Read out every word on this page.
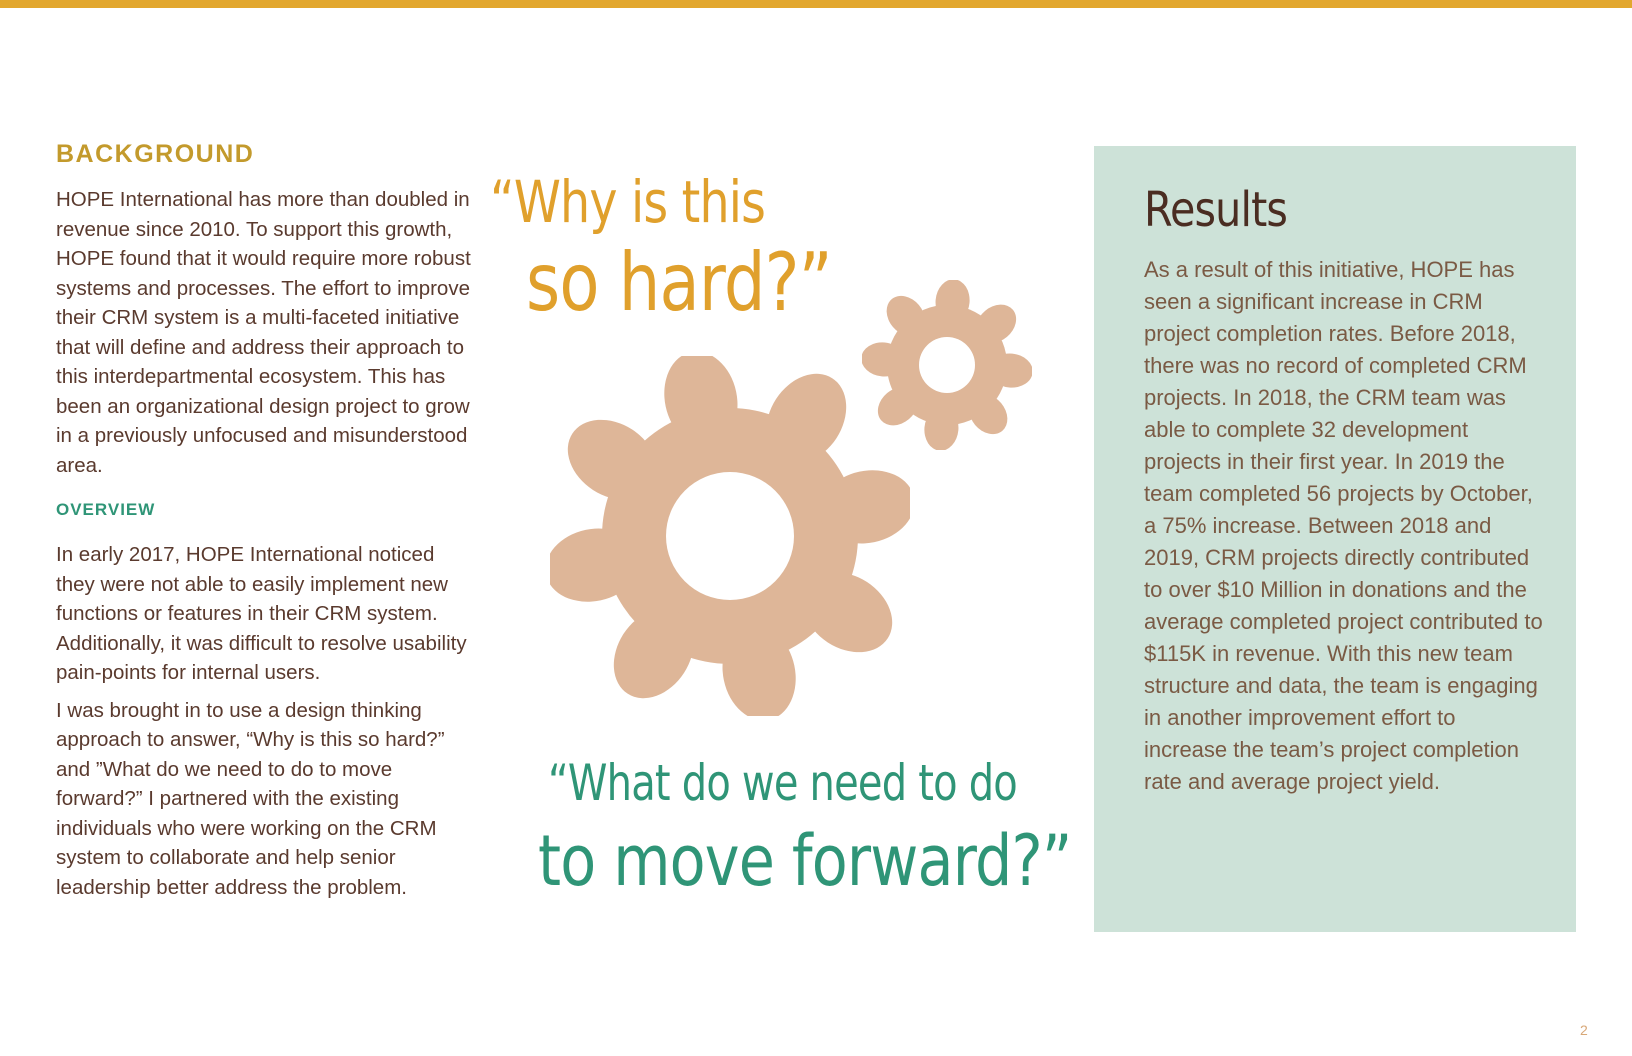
BACKGROUND

HOPE International has more than doubled in revenue since 2010. To support this growth, HOPE found that it would require more robust systems and processes. The effort to improve their CRM system is a multi-faceted initiative that will define and address their approach to this interdepartmental ecosystem. This has been an organizational design project to grow in a previously unfocused and misunderstood area.

OVERVIEW

In early 2017, HOPE International noticed they were not able to easily implement new functions or features in their CRM system. Additionally, it was difficult to resolve usability pain-points for internal users.

I was brought in to use a design thinking approach to answer, “Why is this so hard?” and ”What do we need to do to move forward?” I partnered with the existing individuals who were working on the CRM system to collaborate and help senior leadership better address the problem.

“Why is this

so hard?”

“What do we need to do

to move forward?”

Results

As a result of this initiative, HOPE has seen a significant increase in CRM project completion rates. Before 2018, there was no record of completed CRM projects. In 2018, the CRM team was able to complete 32 development projects in their first year. In 2019 the team completed 56 projects by October, a 75% increase. Between 2018 and 2019, CRM projects directly contributed to over $10 Million in donations and the average completed project contributed to $115K in revenue. With this new team structure and data, the team is engaging in another improvement effort to increase the team’s project completion rate and average project yield.

2
